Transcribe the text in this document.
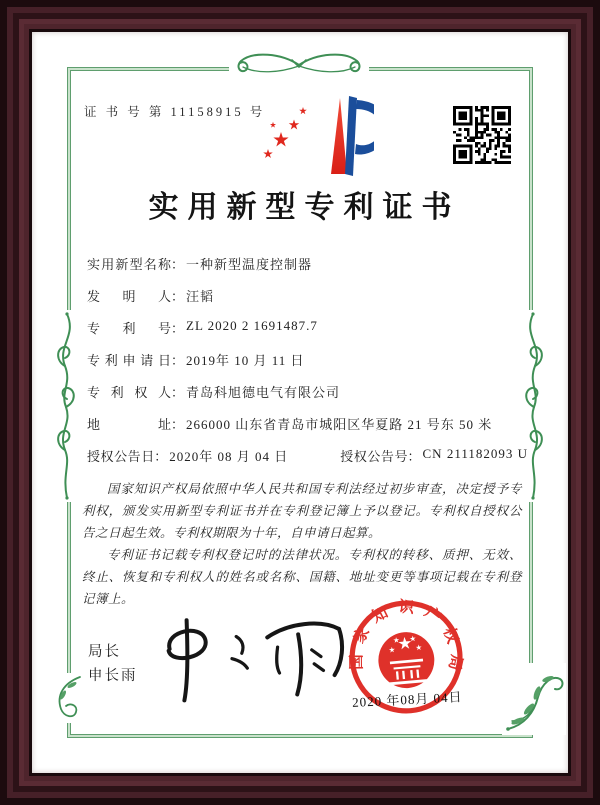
证 书 号 第 11158915 号
实用新型专利证书
实用新型名称 ： 一种新型温度控制器
发明人 ： 汪韬
专利号 ： ZL 2020 2 1691487.7
专利申请日 ： 2019年 10 月 11 日
专利权人 ： 青岛科旭德电气有限公司
地址 ： 266000 山东省青岛市城阳区华夏路 21 号东 50 米
授权公告日 ： 2020年 08 月 04 日	授权公告号 ： CN 211182093 U

国家知识产权局依照中华人民共和国专利法经过初步审查，决定授予专利权，颁发实用新型专利证书并在专利登记簿上予以登记。专利权自授权公告之日起生效。专利权期限为十年，自申请日起算。

专利证书记载专利权登记时的法律状况。专利权的转移、质押、无效、终止、恢复和专利权人的姓名或名称、国籍、地址变更等事项记载在专利登记簿上。

局长
申长雨
国家知识产权局
2020 年08月 04日
